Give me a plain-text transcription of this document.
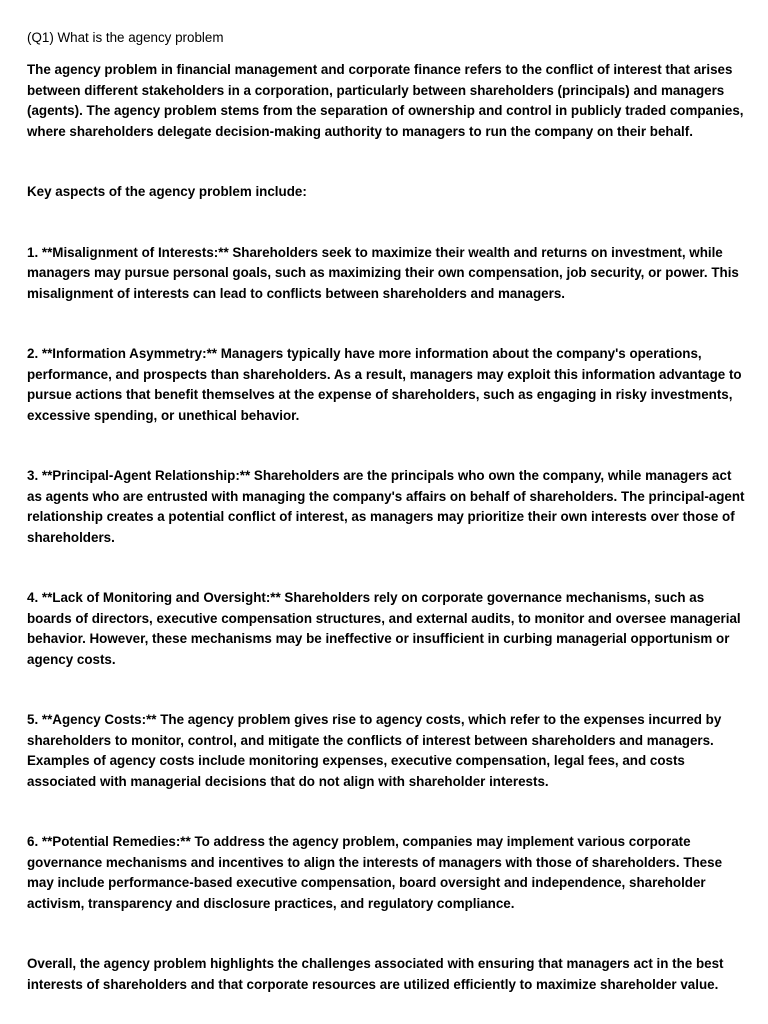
(Q1) What is the agency problem

The agency problem in financial management and corporate finance refers to the conflict of interest that arises between different stakeholders in a corporation, particularly between shareholders (principals) and managers (agents). The agency problem stems from the separation of ownership and control in publicly traded companies, where shareholders delegate decision-making authority to managers to run the company on their behalf.

Key aspects of the agency problem include:

1. **Misalignment of Interests:** Shareholders seek to maximize their wealth and returns on investment, while managers may pursue personal goals, such as maximizing their own compensation, job security, or power. This misalignment of interests can lead to conflicts between shareholders and managers.

2. **Information Asymmetry:** Managers typically have more information about the company's operations, performance, and prospects than shareholders. As a result, managers may exploit this information advantage to pursue actions that benefit themselves at the expense of shareholders, such as engaging in risky investments, excessive spending, or unethical behavior.

3. **Principal-Agent Relationship:** Shareholders are the principals who own the company, while managers act as agents who are entrusted with managing the company's affairs on behalf of shareholders. The principal-agent relationship creates a potential conflict of interest, as managers may prioritize their own interests over those of shareholders.

4. **Lack of Monitoring and Oversight:** Shareholders rely on corporate governance mechanisms, such as boards of directors, executive compensation structures, and external audits, to monitor and oversee managerial behavior. However, these mechanisms may be ineffective or insufficient in curbing managerial opportunism or agency costs.

5. **Agency Costs:** The agency problem gives rise to agency costs, which refer to the expenses incurred by shareholders to monitor, control, and mitigate the conflicts of interest between shareholders and managers. Examples of agency costs include monitoring expenses, executive compensation, legal fees, and costs associated with managerial decisions that do not align with shareholder interests.

6. **Potential Remedies:** To address the agency problem, companies may implement various corporate governance mechanisms and incentives to align the interests of managers with those of shareholders. These may include performance-based executive compensation, board oversight and independence, shareholder activism, transparency and disclosure practices, and regulatory compliance.

Overall, the agency problem highlights the challenges associated with ensuring that managers act in the best interests of shareholders and that corporate resources are utilized efficiently to maximize shareholder value.
